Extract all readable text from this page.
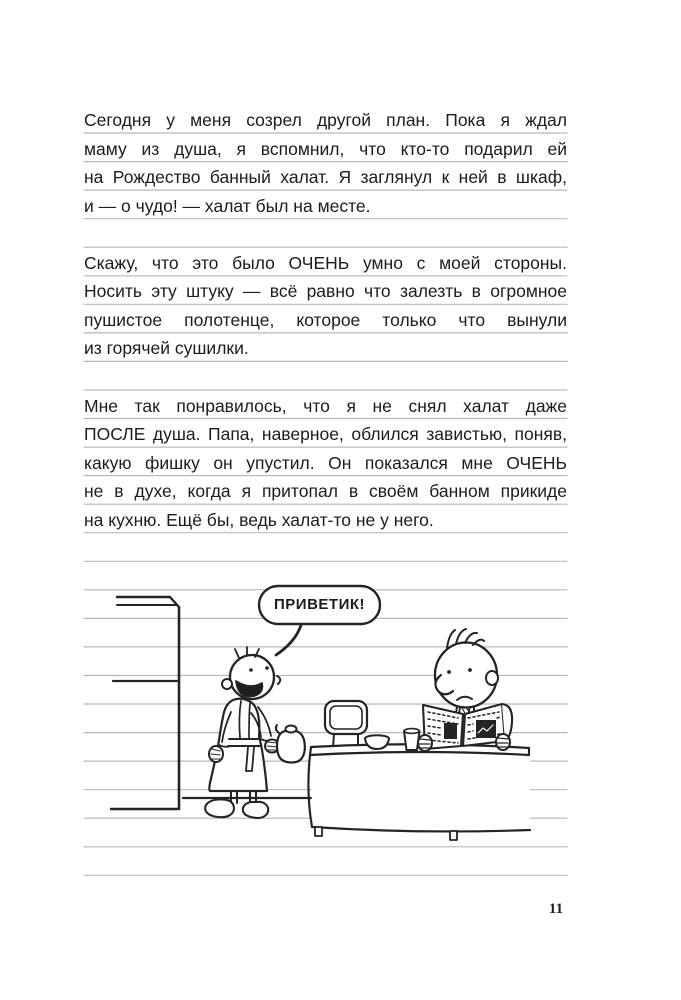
Сегодня у меня созрел другой план. Пока я ждал
маму из душа, я вспомнил, что кто-то подарил ей
на Рождество банный халат. Я заглянул к ней в шкаф,
и — о чудо! — халат был на месте.
Скажу, что это было ОЧЕНЬ умно с моей стороны.
Носить эту штуку — всё равно что залезть в огромное
пушистое полотенце, которое только что вынули
из горячей сушилки.
Мне так понравилось, что я не снял халат даже
ПОСЛЕ душа. Папа, наверное, облился завистью, поняв,
какую фишку он упустил. Он показался мне ОЧЕНЬ
не в духе, когда я притопал в своём банном прикиде
на кухню. Ещё бы, ведь халат-то не у него.
ПРИВЕТИК!
11
